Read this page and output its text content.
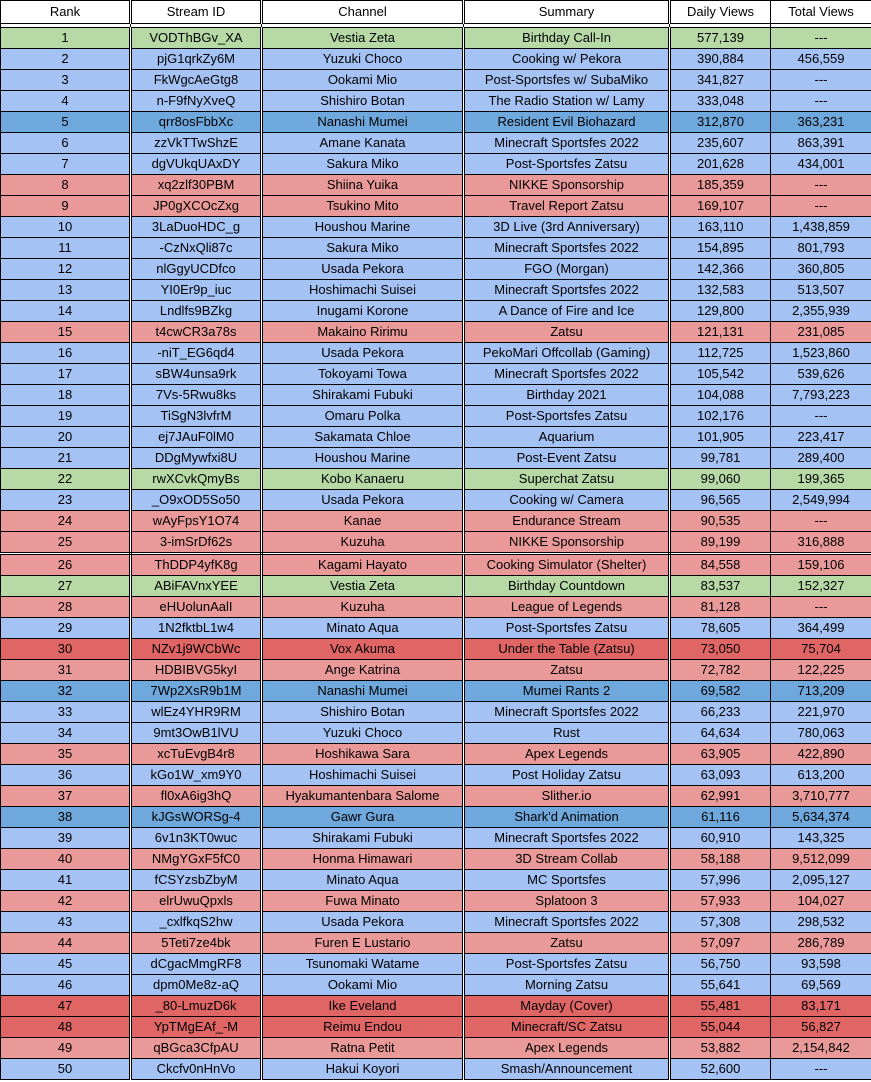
Rank	Stream ID	Channel	Summary	Daily Views	Total Views

1	VODThBGv_XA	Vestia Zeta	Birthday Call-In	577,139	---
2	pjG1qrkZy6M	Yuzuki Choco	Cooking w/ Pekora	390,884	456,559
3	FkWgcAeGtg8	Ookami Mio	Post-Sportsfes w/ SubaMiko	341,827	---
4	n-F9fNyXveQ	Shishiro Botan	The Radio Station w/ Lamy	333,048	---
5	qrr8osFbbXc	Nanashi Mumei	Resident Evil Biohazard	312,870	363,231
6	zzVkTTwShzE	Amane Kanata	Minecraft Sportsfes 2022	235,607	863,391
7	dgVUkqUAxDY	Sakura Miko	Post-Sportsfes Zatsu	201,628	434,001
8	xq2zlf30PBM	Shiina Yuika	NIKKE Sponsorship	185,359	---
9	JP0gXCOcZxg	Tsukino Mito	Travel Report Zatsu	169,107	---
10	3LaDuoHDC_g	Houshou Marine	3D Live (3rd Anniversary)	163,110	1,438,859
11	-CzNxQli87c	Sakura Miko	Minecraft Sportsfes 2022	154,895	801,793
12	nlGgyUCDfco	Usada Pekora	FGO (Morgan)	142,366	360,805
13	YI0Er9p_iuc	Hoshimachi Suisei	Minecraft Sportsfes 2022	132,583	513,507
14	Lndlfs9BZkg	Inugami Korone	A Dance of Fire and Ice	129,800	2,355,939
15	t4cwCR3a78s	Makaino Ririmu	Zatsu	121,131	231,085
16	-niT_EG6qd4	Usada Pekora	PekoMari Offcollab (Gaming)	112,725	1,523,860
17	sBW4unsa9rk	Tokoyami Towa	Minecraft Sportsfes 2022	105,542	539,626
18	7Vs-5Rwu8ks	Shirakami Fubuki	Birthday 2021	104,088	7,793,223
19	TiSgN3lvfrM	Omaru Polka	Post-Sportsfes Zatsu	102,176	---
20	ej7JAuF0lM0	Sakamata Chloe	Aquarium	101,905	223,417
21	DDgMywfxi8U	Houshou Marine	Post-Event Zatsu	99,781	289,400
22	rwXCvkQmyBs	Kobo Kanaeru	Superchat Zatsu	99,060	199,365
23	_O9xOD5So50	Usada Pekora	Cooking w/ Camera	96,565	2,549,994
24	wAyFpsY1O74	Kanae	Endurance Stream	90,535	---
25	3-imSrDf62s	Kuzuha	NIKKE Sponsorship	89,199	316,888
26	ThDDP4yfK8g	Kagami Hayato	Cooking Simulator (Shelter)	84,558	159,106
27	ABiFAVnxYEE	Vestia Zeta	Birthday Countdown	83,537	152,327
28	eHUolunAalI	Kuzuha	League of Legends	81,128	---
29	1N2fktbL1w4	Minato Aqua	Post-Sportsfes Zatsu	78,605	364,499
30	NZv1j9WCbWc	Vox Akuma	Under the Table (Zatsu)	73,050	75,704
31	HDBIBVG5kyI	Ange Katrina	Zatsu	72,782	122,225
32	7Wp2XsR9b1M	Nanashi Mumei	Mumei Rants 2	69,582	713,209
33	wlEz4YHR9RM	Shishiro Botan	Minecraft Sportsfes 2022	66,233	221,970
34	9mt3OwB1lVU	Yuzuki Choco	Rust	64,634	780,063
35	xcTuEvgB4r8	Hoshikawa Sara	Apex Legends	63,905	422,890
36	kGo1W_xm9Y0	Hoshimachi Suisei	Post Holiday Zatsu	63,093	613,200
37	fl0xA6ig3hQ	Hyakumantenbara Salome	Slither.io	62,991	3,710,777
38	kJGsWORSg-4	Gawr Gura	Shark'd Animation	61,116	5,634,374
39	6v1n3KT0wuc	Shirakami Fubuki	Minecraft Sportsfes 2022	60,910	143,325
40	NMgYGxF5fC0	Honma Himawari	3D Stream Collab	58,188	9,512,099
41	fCSYzsbZbyM	Minato Aqua	MC Sportsfes	57,996	2,095,127
42	elrUwuQpxls	Fuwa Minato	Splatoon 3	57,933	104,027
43	_cxlfkqS2hw	Usada Pekora	Minecraft Sportsfes 2022	57,308	298,532
44	5Teti7ze4bk	Furen E Lustario	Zatsu	57,097	286,789
45	dCgacMmgRF8	Tsunomaki Watame	Post-Sportsfes Zatsu	56,750	93,598
46	dpm0Me8z-aQ	Ookami Mio	Morning Zatsu	55,641	69,569
47	_80-LmuzD6k	Ike Eveland	Mayday (Cover)	55,481	83,171
48	YpTMgEAf_-M	Reimu Endou	Minecraft/SC Zatsu	55,044	56,827
49	qBGca3CfpAU	Ratna Petit	Apex Legends	53,882	2,154,842
50	Ckcfv0nHnVo	Hakui Koyori	Smash/Announcement	52,600	---
